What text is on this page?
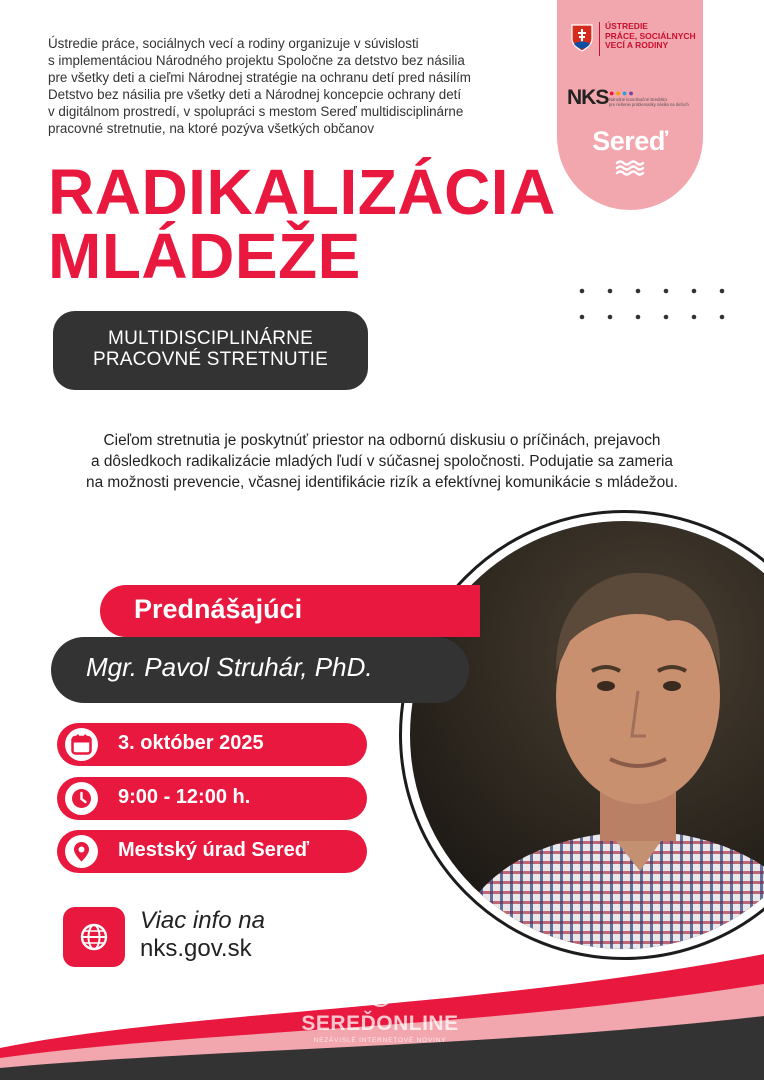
Ústredie práce, sociálnych vecí a rodiny organizuje v súvislosti
s implementáciou Národného projektu Spoločne za detstvo bez násilia
pre všetky deti a cieľmi Národnej stratégie na ochranu detí pred násilím
Detstvo bez násilia pre všetky deti a Národnej koncepcie ochrany detí
v digitálnom prostredí, v spolupráci s mestom Sereď multidisciplinárne
pracovné stretnutie, na ktoré pozýva všetkých občanov
ÚSTREDIE
PRÁCE, SOCIÁLNYCH
VECÍ A RODINY
NKS ●●●●
Národné koordinačné stredisko
pre riešenie problematiky násilia na deťoch
Sereď
RADIKALIZÁCIA
MLÁDEŽE
MULTIDISCIPLINÁRNE
PRACOVNÉ STRETNUTIE
Cieľom stretnutia je poskytnúť priestor na odbornú diskusiu o príčinách, prejavoch
a dôsledkoch radikalizácie mladých ľudí v súčasnej spoločnosti. Podujatie sa zameria
na možnosti prevencie, včasnej identifikácie rizík a efektívnej komunikácie s mládežou.
Prednášajúci
Mgr. Pavol Struhár, PhD.
3. október 2025
9:00 - 12:00 h.
Mestský úrad Sereď
Viac info na
nks.gov.sk
SEREĎONLINE
NEZÁVISLÉ INTERNETOVÉ NOVINY
